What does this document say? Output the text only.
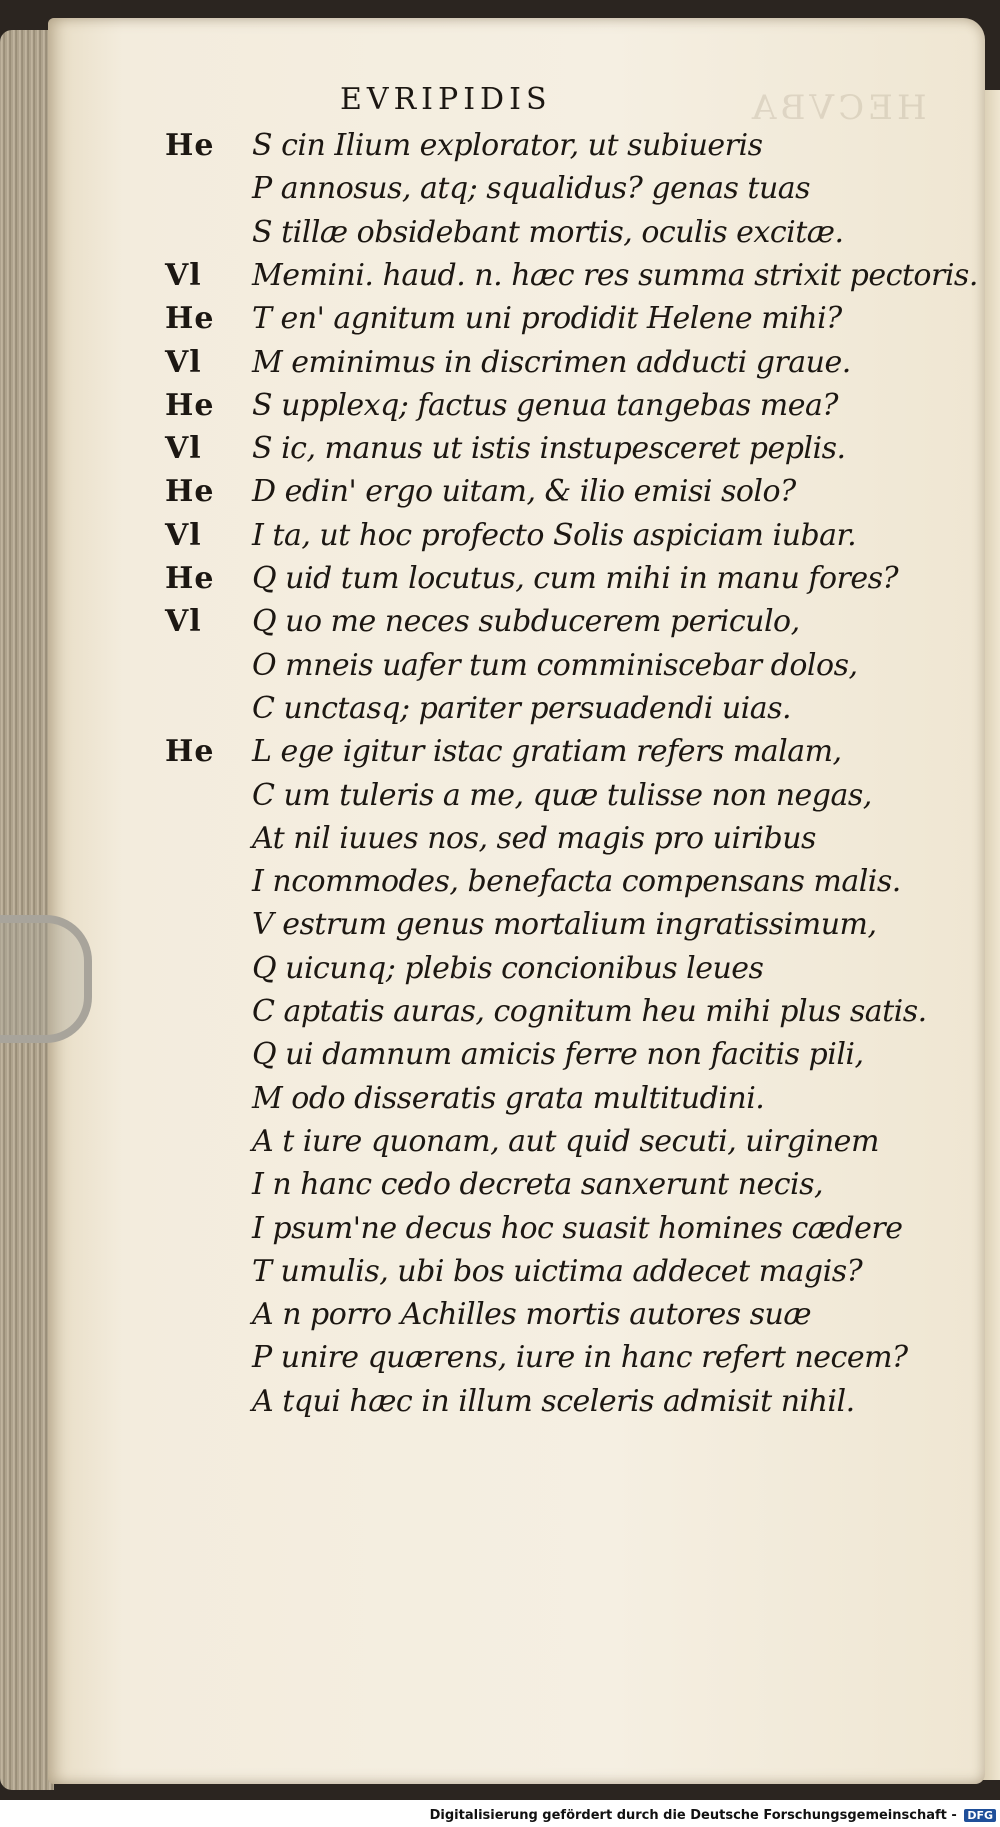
HECVBA
EVRIPIDIS
He S cin Ilium explorator, ut subiueris
P annosus, atq; squalidus? genas tuas
S tillæ obsidebant mortis, oculis excitæ.
Vl Memini. haud. n. hæc res summa strixit pectoris.
He T en' agnitum uni prodidit Helene mihi?
Vl M eminimus in discrimen adducti graue.
He S upplexq; factus genua tangebas mea?
Vl S ic, manus ut istis instupesceret peplis.
He D edin' ergo uitam, & ilio emisi solo?
Vl I ta, ut hoc profecto Solis aspiciam iubar.
He Q uid tum locutus, cum mihi in manu fores?
Vl Q uo me neces subducerem periculo,
O mneis uafer tum comminiscebar dolos,
C unctasq; pariter persuadendi uias.
He L ege igitur istac gratiam refers malam,
C um tuleris a me, quæ tulisse non negas,
At nil iuues nos, sed magis pro uiribus
I ncommodes, benefacta compensans malis.
V estrum genus mortalium ingratissimum,
Q uicunq; plebis concionibus leues
C aptatis auras, cognitum heu mihi plus satis.
Q ui damnum amicis ferre non facitis pili,
M odo disseratis grata multitudini.
A t iure quonam, aut quid secuti, uirginem
I n hanc cedo decreta sanxerunt necis,
I psum'ne decus hoc suasit homines cædere
T umulis, ubi bos uictima addecet magis?
A n porro Achilles mortis autores suæ
P unire quærens, iure in hanc refert necem?
A tqui hæc in illum sceleris admisit nihil.
Digitalisierung gefördert durch die Deutsche Forschungsgemeinschaft - DFG
